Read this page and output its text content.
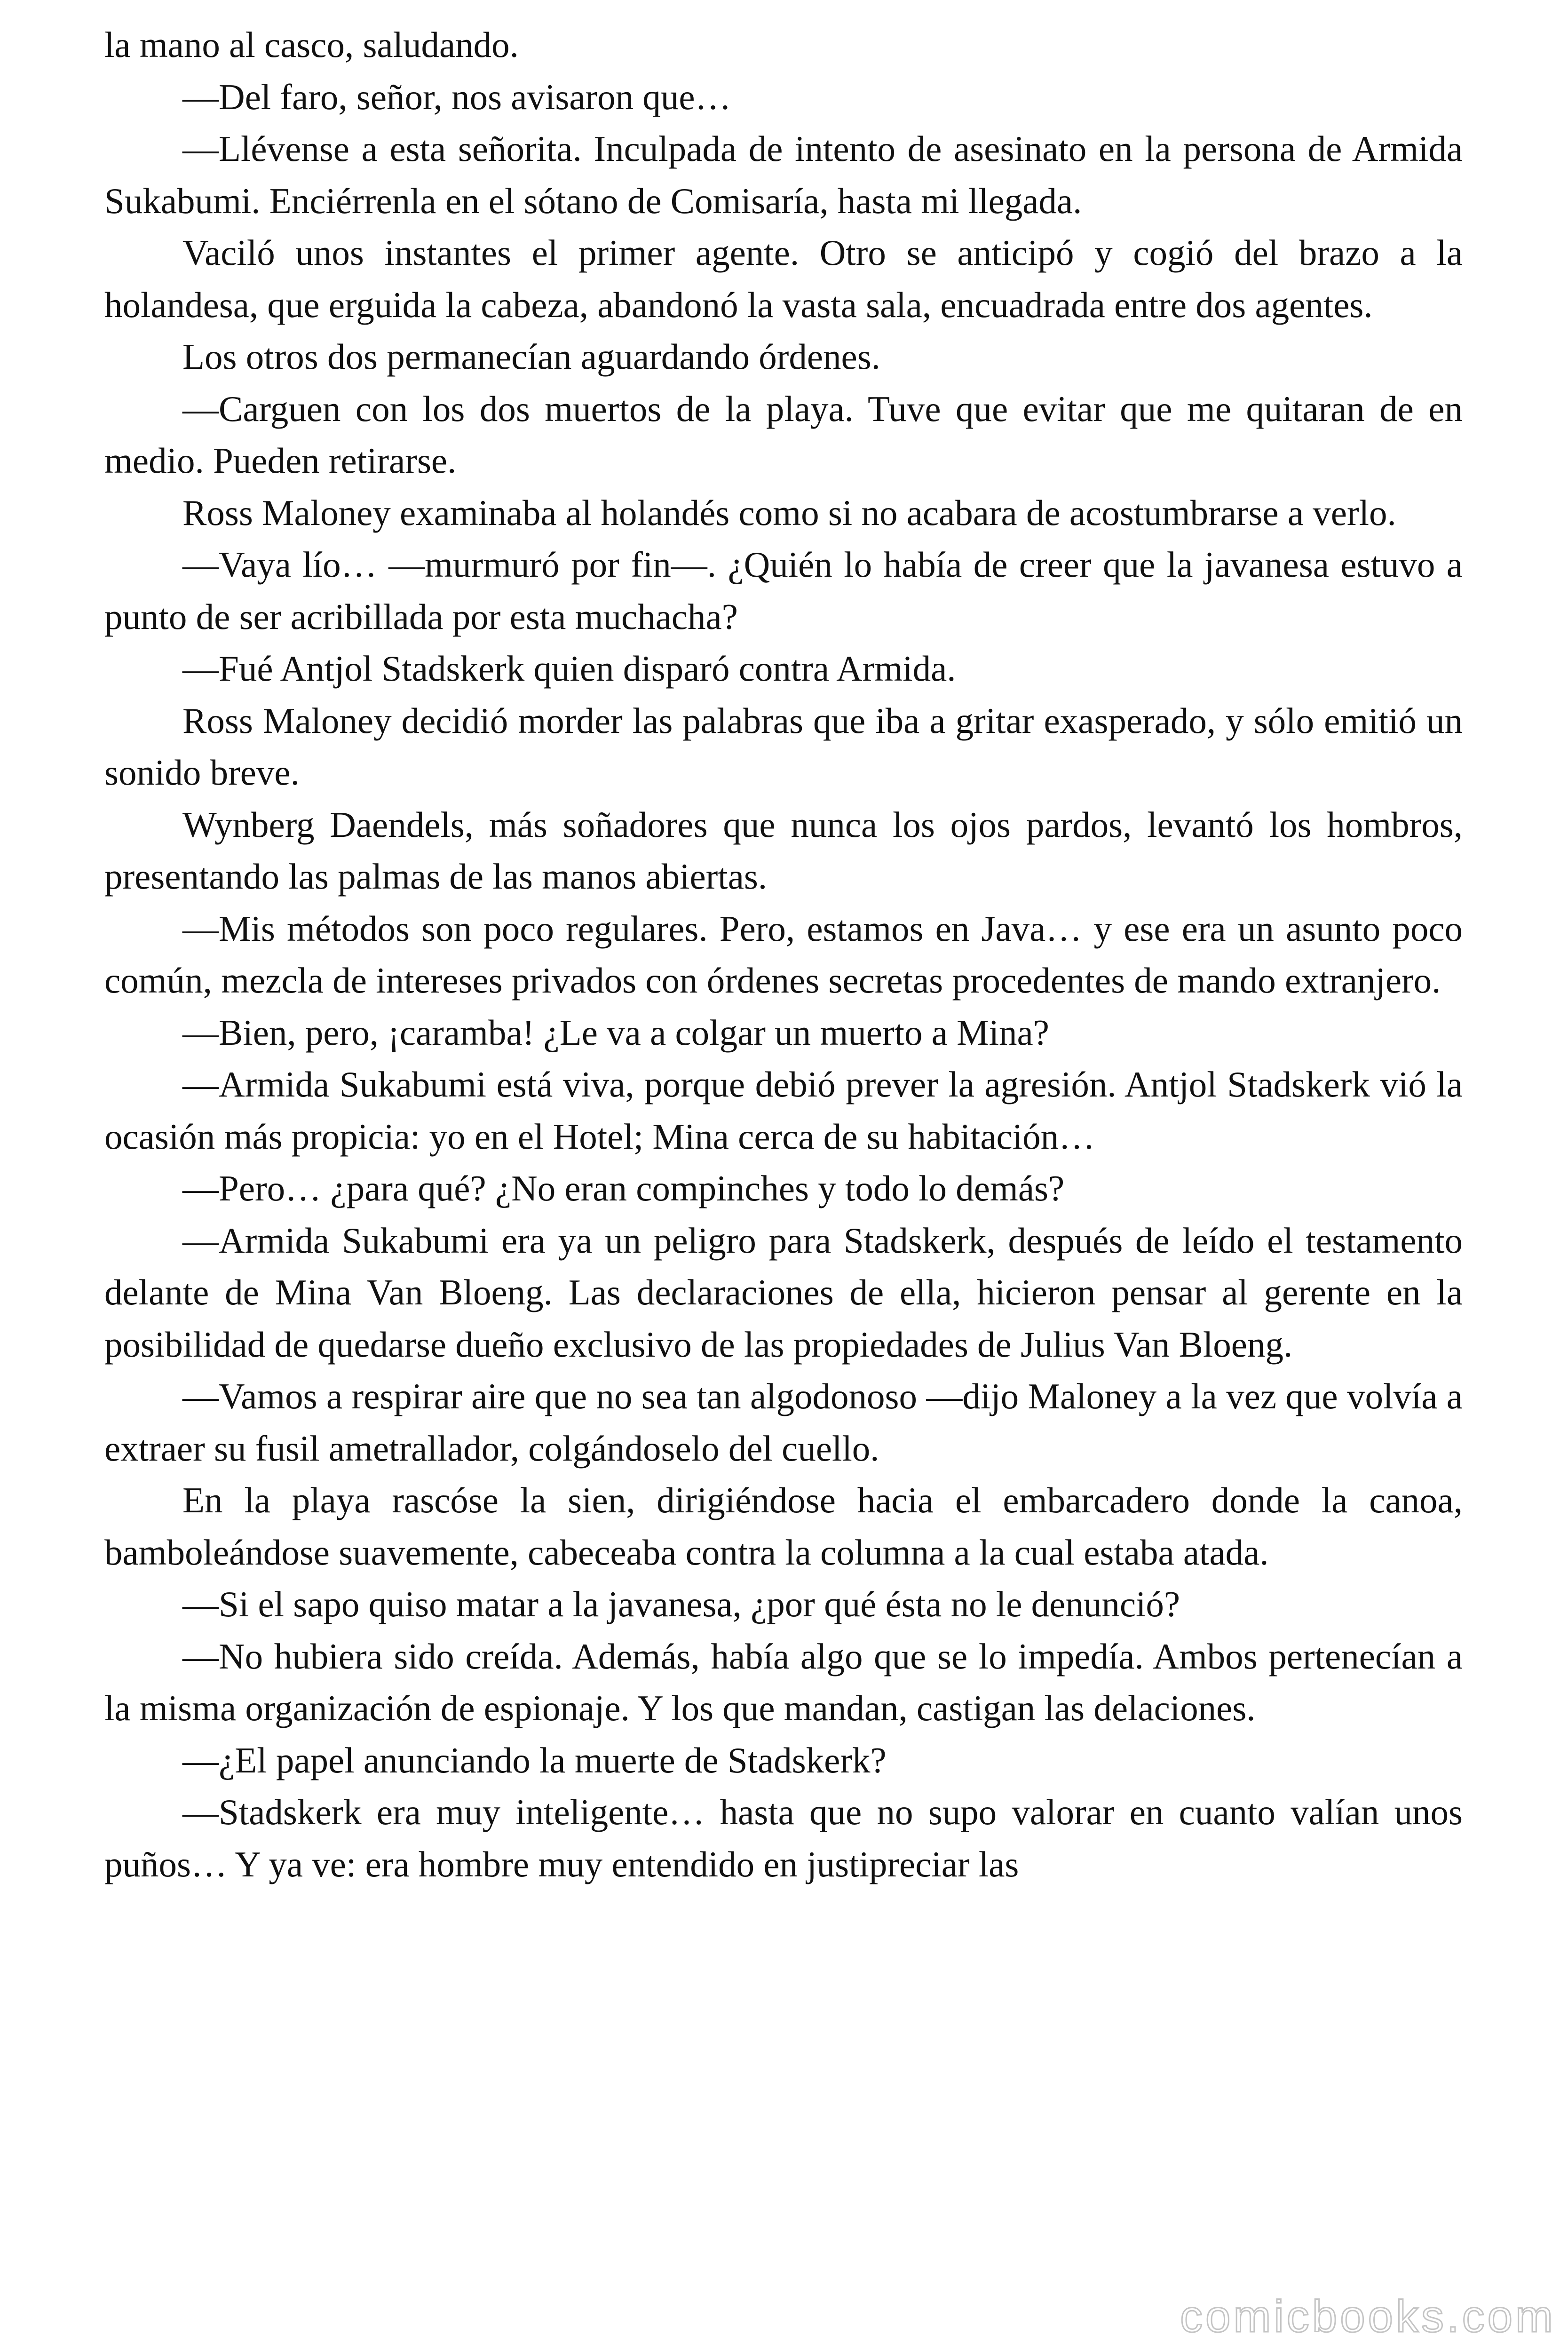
la mano al casco, saludando.

—Del faro, señor, nos avisaron que…

—Llévense a esta señorita. Inculpada de intento de asesinato en la persona de Armida Sukabumi. Enciérrenla en el sótano de Comisaría, hasta mi llegada.

Vaciló unos instantes el primer agente. Otro se anticipó y cogió del brazo a la holandesa, que erguida la cabeza, abandonó la vasta sala, encuadrada entre dos agentes.

Los otros dos permanecían aguardando órdenes.

—Carguen con los dos muertos de la playa. Tuve que evitar que me quitaran de en medio. Pueden retirarse.

Ross Maloney examinaba al holandés como si no acabara de acostumbrarse a verlo.

—Vaya lío… —murmuró por fin—. ¿Quién lo había de creer que la javanesa estuvo a punto de ser acribillada por esta muchacha?

—Fué Antjol Stadskerk quien disparó contra Armida.

Ross Maloney decidió morder las palabras que iba a gritar exasperado, y sólo emitió un sonido breve.

Wynberg Daendels, más soñadores que nunca los ojos pardos, levantó los hombros, presentando las palmas de las manos abiertas.

—Mis métodos son poco regulares. Pero, estamos en Java… y ese era un asunto poco común, mezcla de intereses privados con órdenes secretas procedentes de mando extranjero.

—Bien, pero, ¡caramba! ¿Le va a colgar un muerto a Mina?

—Armida Sukabumi está viva, porque debió prever la agresión. Antjol Stadskerk vió la ocasión más propicia: yo en el Hotel; Mina cerca de su habitación…

—Pero… ¿para qué? ¿No eran compinches y todo lo demás?

—Armida Sukabumi era ya un peligro para Stadskerk, después de leído el testamento delante de Mina Van Bloeng. Las declaraciones de ella, hicieron pensar al gerente en la posibilidad de quedarse dueño exclusivo de las propiedades de Julius Van Bloeng.

—Vamos a respirar aire que no sea tan algodonoso —dijo Maloney a la vez que volvía a extraer su fusil ametrallador, colgándoselo del cuello.

En la playa rascóse la sien, dirigiéndose hacia el embarcadero donde la canoa, bamboleándose suavemente, cabeceaba contra la columna a la cual estaba atada.

—Si el sapo quiso matar a la javanesa, ¿por qué ésta no le denunció?

—No hubiera sido creída. Además, había algo que se lo impedía. Ambos pertenecían a la misma organización de espionaje. Y los que mandan, castigan las delaciones.

—¿El papel anunciando la muerte de Stadskerk?

—Stadskerk era muy inteligente… hasta que no supo valorar en cuanto valían unos puños… Y ya ve: era hombre muy entendido en justipreciar las

comicbooks.com
